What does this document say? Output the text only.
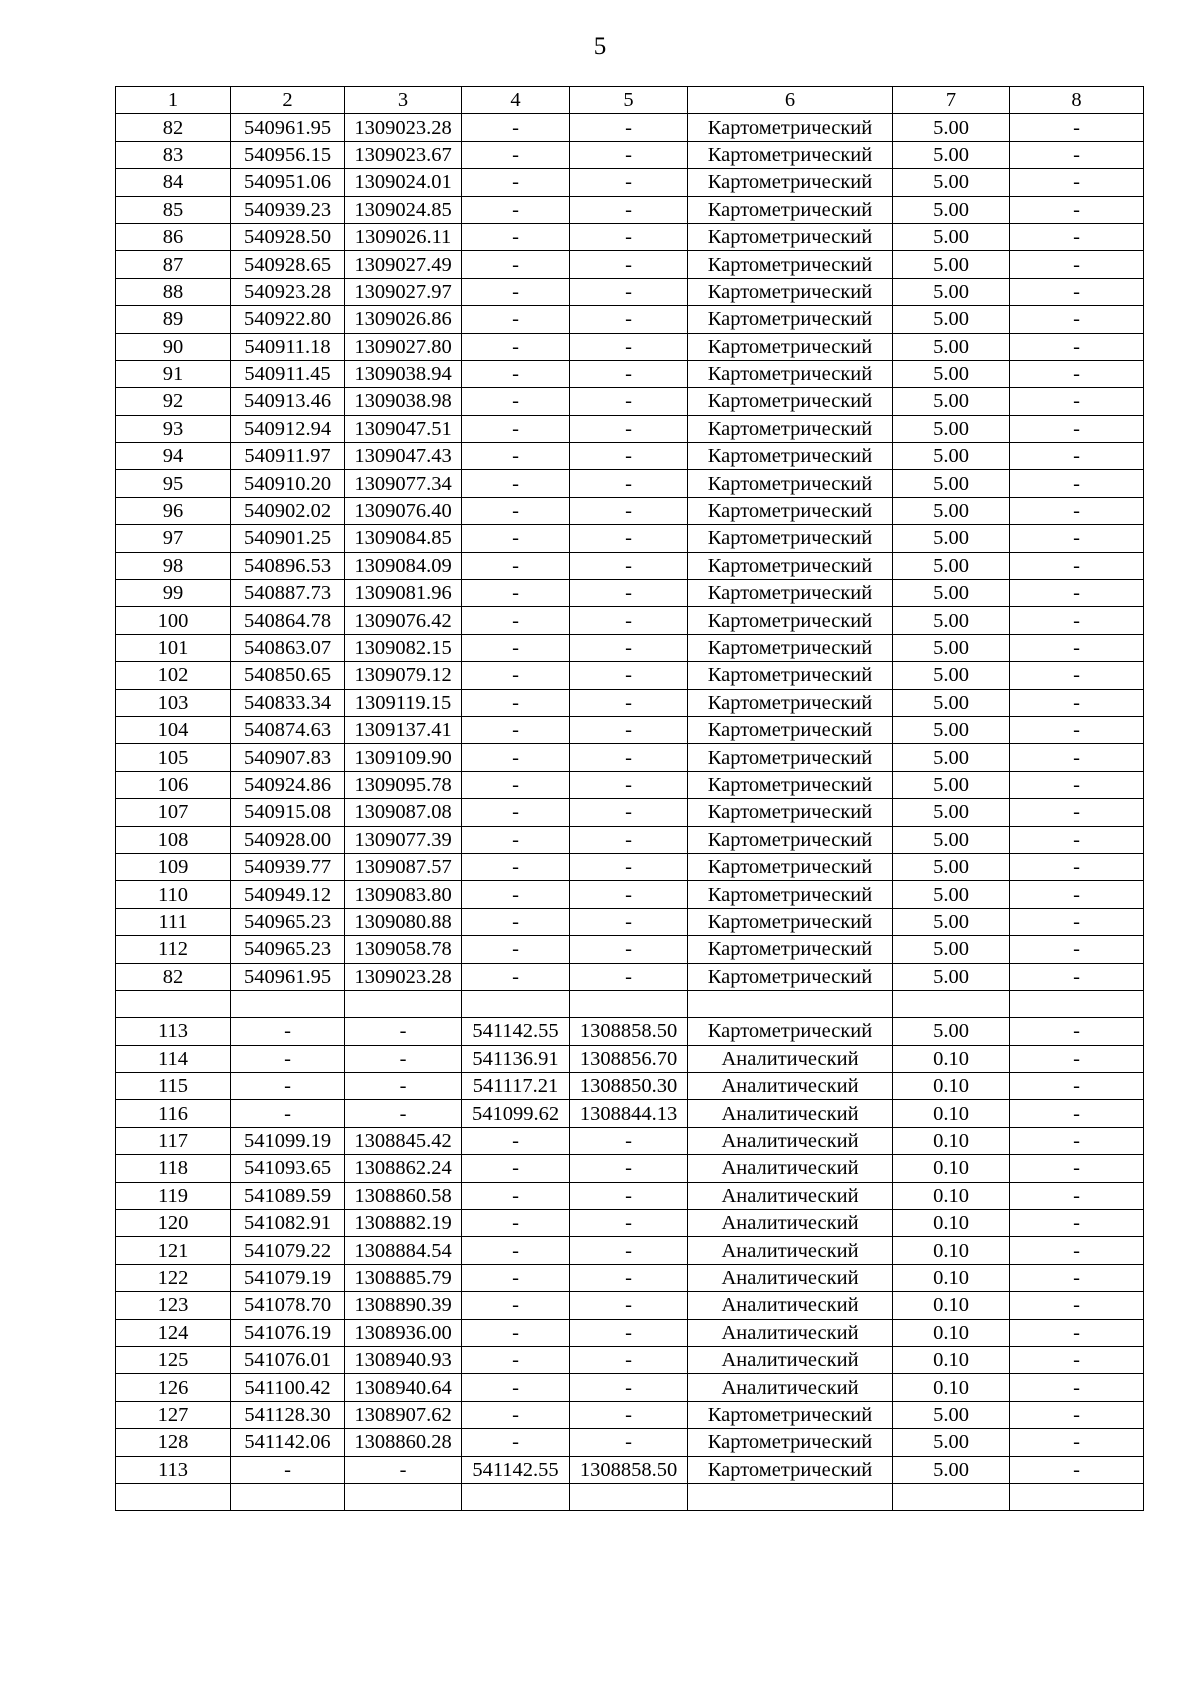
5
1	2	3	4	5	6	7	8
82	540961.95	1309023.28	-	-	Картометрический	5.00	-
83	540956.15	1309023.67	-	-	Картометрический	5.00	-
84	540951.06	1309024.01	-	-	Картометрический	5.00	-
85	540939.23	1309024.85	-	-	Картометрический	5.00	-
86	540928.50	1309026.11	-	-	Картометрический	5.00	-
87	540928.65	1309027.49	-	-	Картометрический	5.00	-
88	540923.28	1309027.97	-	-	Картометрический	5.00	-
89	540922.80	1309026.86	-	-	Картометрический	5.00	-
90	540911.18	1309027.80	-	-	Картометрический	5.00	-
91	540911.45	1309038.94	-	-	Картометрический	5.00	-
92	540913.46	1309038.98	-	-	Картометрический	5.00	-
93	540912.94	1309047.51	-	-	Картометрический	5.00	-
94	540911.97	1309047.43	-	-	Картометрический	5.00	-
95	540910.20	1309077.34	-	-	Картометрический	5.00	-
96	540902.02	1309076.40	-	-	Картометрический	5.00	-
97	540901.25	1309084.85	-	-	Картометрический	5.00	-
98	540896.53	1309084.09	-	-	Картометрический	5.00	-
99	540887.73	1309081.96	-	-	Картометрический	5.00	-
100	540864.78	1309076.42	-	-	Картометрический	5.00	-
101	540863.07	1309082.15	-	-	Картометрический	5.00	-
102	540850.65	1309079.12	-	-	Картометрический	5.00	-
103	540833.34	1309119.15	-	-	Картометрический	5.00	-
104	540874.63	1309137.41	-	-	Картометрический	5.00	-
105	540907.83	1309109.90	-	-	Картометрический	5.00	-
106	540924.86	1309095.78	-	-	Картометрический	5.00	-
107	540915.08	1309087.08	-	-	Картометрический	5.00	-
108	540928.00	1309077.39	-	-	Картометрический	5.00	-
109	540939.77	1309087.57	-	-	Картометрический	5.00	-
110	540949.12	1309083.80	-	-	Картометрический	5.00	-
111	540965.23	1309080.88	-	-	Картометрический	5.00	-
112	540965.23	1309058.78	-	-	Картометрический	5.00	-
82	540961.95	1309023.28	-	-	Картометрический	5.00	-

113	-	-	541142.55	1308858.50	Картометрический	5.00	-
114	-	-	541136.91	1308856.70	Аналитический	0.10	-
115	-	-	541117.21	1308850.30	Аналитический	0.10	-
116	-	-	541099.62	1308844.13	Аналитический	0.10	-
117	541099.19	1308845.42	-	-	Аналитический	0.10	-
118	541093.65	1308862.24	-	-	Аналитический	0.10	-
119	541089.59	1308860.58	-	-	Аналитический	0.10	-
120	541082.91	1308882.19	-	-	Аналитический	0.10	-
121	541079.22	1308884.54	-	-	Аналитический	0.10	-
122	541079.19	1308885.79	-	-	Аналитический	0.10	-
123	541078.70	1308890.39	-	-	Аналитический	0.10	-
124	541076.19	1308936.00	-	-	Аналитический	0.10	-
125	541076.01	1308940.93	-	-	Аналитический	0.10	-
126	541100.42	1308940.64	-	-	Аналитический	0.10	-
127	541128.30	1308907.62	-	-	Картометрический	5.00	-
128	541142.06	1308860.28	-	-	Картометрический	5.00	-
113	-	-	541142.55	1308858.50	Картометрический	5.00	-
